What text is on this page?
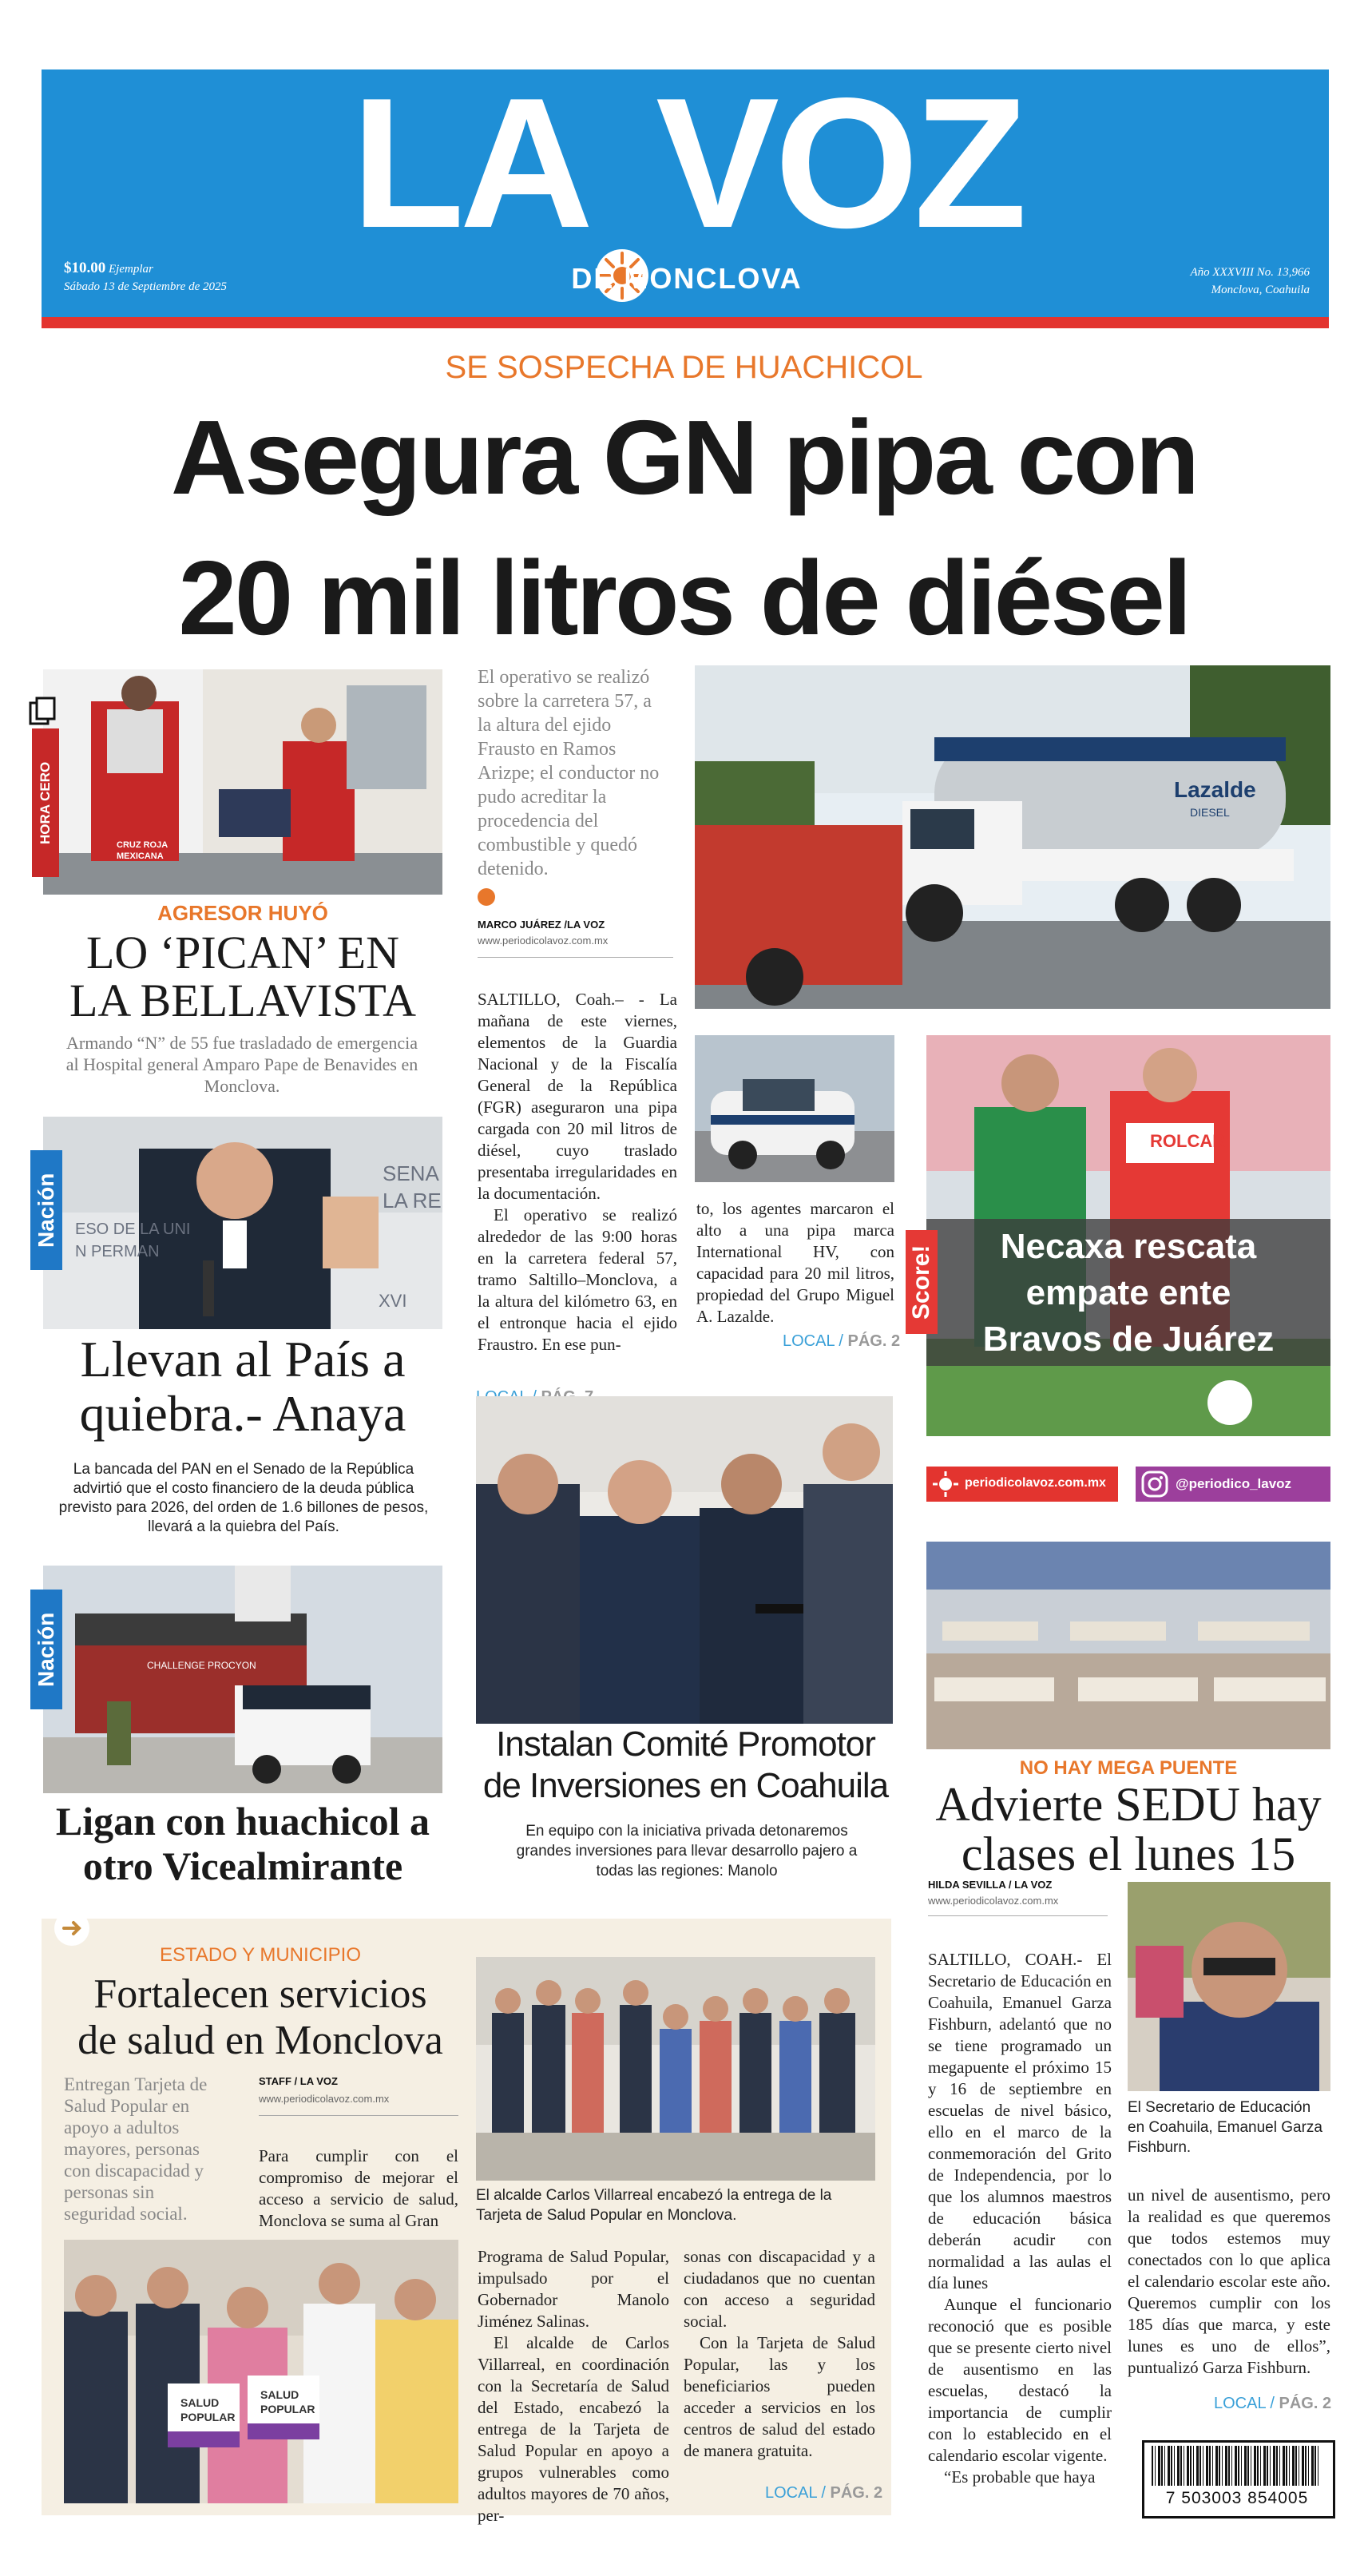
LA VOZ
DE MONCLOVA
$10.00 Ejemplar
Sábado 13 de Septiembre de 2025
Año XXXVIII No. 13,966
Monclova, Coahuila
SE SOSPECHA DE HUACHICOL
Asegura GN pipa con
20 mil litros de diésel
CRUZ ROJA
MEXICANA
HORA CERO
AGRESOR HUYÓ
LO ‘PICAN’ EN
LA BELLAVISTA
Armando “N” de 55 fue trasladado de emergencia al Hospital general Amparo Pape de Benavides en Monclova.
SENA
LA RE
ESO DE LA UNI
N PERMAN
XVI
Nación
Llevan al País a
quiebra.- Anaya
La bancada del PAN en el Senado de la República advirtió que el costo financiero de la deuda pública previsto para 2026, del orden de 1.6 billones de pesos, llevará a la quiebra del País.
CHALLENGE PROCYON
Nación
Ligan con huachicol a
otro Vicealmirante
El operativo se realizó sobre la carretera 57, a la altura del ejido Frausto en Ramos Arizpe; el conductor no pudo acreditar la procedencia del combustible y quedó detenido.
MARCO JUÁREZ /LA VOZ
www.periodicolavoz.com.mx

SALTILLO, Coah.– - La mañana de este viernes, elementos de la Guardia Nacional y de la Fiscalía General de la República (FGR) aseguraron una pipa cargada con 20 mil litros de diésel, cuyo traslado presentaba irregularidades en la documentación.

El operativo se realizó alrededor de las 9:00 horas en la carretera federal 57, tramo Saltillo–Monclova, a la altura del kilómetro 63, en el entronque hacia el ejido Fraustro. En ese pun-

Lazalde
DIESEL

to, los agentes marcaron el alto a una pipa marca International HV, con capacidad para 20 mil litros, propiedad del Grupo Miguel A. Lazalde.

LOCAL / PÁG. 2
Instalan Comité Promotor
de Inversiones en Coahuila
En equipo con la iniciativa privada detonaremos grandes inversiones para llevar desarrollo pajero a todas las regiones: Manolo
ROLCAR
Necaxa rescata
empate ente
Bravos de Juárez
Score!
periodicolavoz.com.mx	@periodico_lavoz
NO HAY MEGA PUENTE
Advierte SEDU hay
clases el lunes 15
HILDA SEVILLA / LA VOZ
www.periodicolavoz.com.mx

SALTILLO, COAH.- El Secretario de Educación en Coahuila, Emanuel Garza Fishburn, adelantó que no se tiene programado un megapuente el próximo 15 y 16 de septiembre en escuelas de nivel básico, ello en el marco de la conmemoración del Grito de Independencia, por lo que los alumnos maestros de educación básica deberán acudir con normalidad a las aulas el día lunes

Aunque el funcionario reconoció que es posible que se presente cierto nivel de ausentismo en las escuelas, destacó la importancia de cumplir con lo establecido en el calendario escolar vigente.

“Es probable que haya

El Secretario de Educación en Coahuila, Emanuel Garza Fishburn.

un nivel de ausentismo, pero la realidad es que queremos que todos estemos muy conectados con lo que aplica el calendario escolar este año. Queremos cumplir con los 185 días que marca, y este lunes es uno de ellos”, puntualizó Garza Fishburn.

LOCAL / PÁG. 2
7 503003 854005
ESTADO Y MUNICIPIO
Fortalecen servicios
de salud en Monclova
Entregan Tarjeta de Salud Popular en apoyo a adultos mayores, personas con discapacidad y personas sin seguridad social.
STAFF / LA VOZ
www.periodicolavoz.com.mx

Para cumplir con el compromiso de mejorar el acceso a servicio de salud, Monclova se suma al Gran

El alcalde Carlos Villarreal encabezó la entrega de la Tarjeta de Salud Popular en Monclova.
SALUD
POPULAR
SALUD
POPULAR

Programa de Salud Popular, impulsado por el Gobernador Manolo Jiménez Salinas.

El alcalde de Carlos Villarreal, en coordinación con la Secretaría de Salud del Estado, encabezó la entrega de la Tarjeta de Salud Popular en apoyo a grupos vulnerables como adultos mayores de 70 años, per-

sonas con discapacidad y a ciudadanos que no cuentan con acceso a seguridad social.

Con la Tarjeta de Salud Popular, las y los beneficiarios pueden acceder a servicios en los centros de salud del estado de manera gratuita.

LOCAL / PÁG. 2
